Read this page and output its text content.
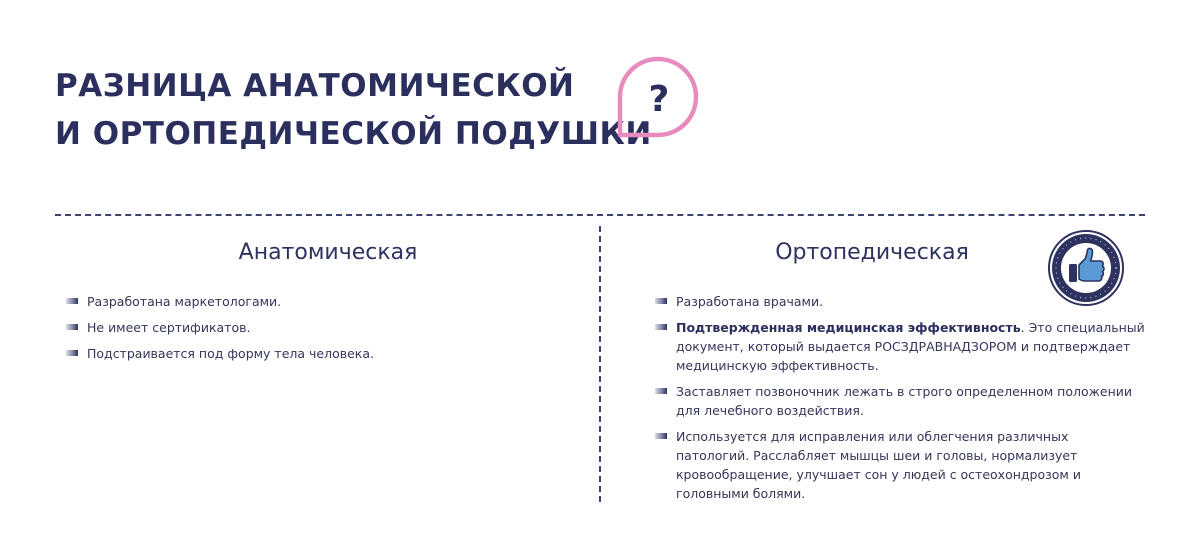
РАЗНИЦА АНАТОМИЧЕСКОЙ
И ОРТОПЕДИЧЕСКОЙ ПОДУШКИ
?
Анатомическая	Ортопедическая
Разработана маркетологами.
Не имеет сертификатов.
Подстраивается под форму тела человека.
Разработана врачами.
Подтвержденная медицинская эффективность. Это специальный документ, который выдается РОСЗДРАВНАДЗОРОМ и подтверждает медицинскую эффективность.
Заставляет позвоночник лежать в строго определенном положении для лечебного воздействия.
Используется для исправления или облегчения различных патологий. Расслабляет мышцы шеи и головы, нормализует кровообращение, улучшает сон у людей с остеохондрозом и головными болями.
